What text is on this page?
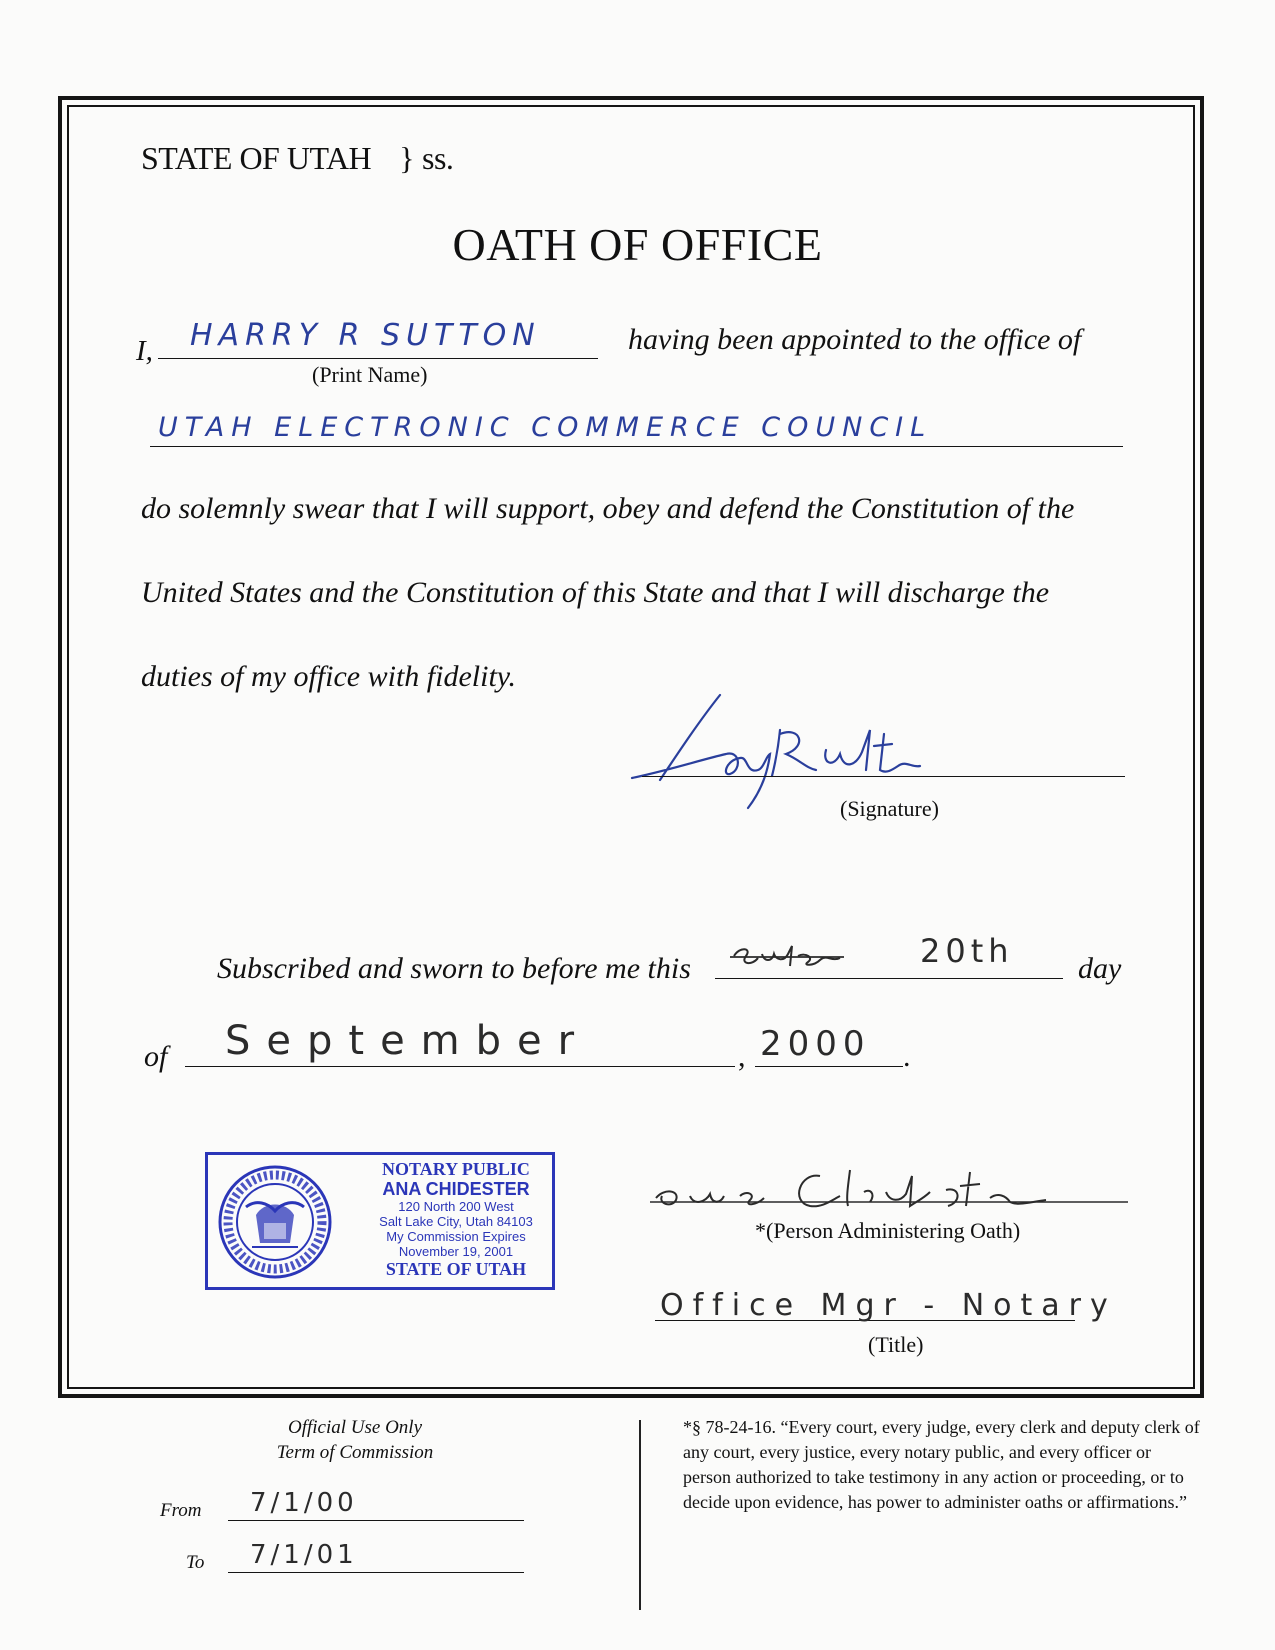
STATE OF UTAH } ss.
OATH OF OFFICE
I, HARRY R SUTTON
(Print Name)
having been appointed to the office of
UTAH ELECTRONIC COMMERCE COUNCIL
do solemnly swear that I will support, obey and defend the Constitution of the
United States and the Constitution of this State and that I will discharge the
duties of my office with fidelity.
(Signature)
Subscribed and sworn to before me this	20th day
of September	, 2000 .
NOTARY PUBLIC
ANA CHIDESTER
120 North 200 West
Salt Lake City, Utah 84103
My Commission Expires
November 19, 2001
STATE OF UTAH
*(Person Administering Oath)
Office Mgr - Notary
(Title)
Official Use Only
Term of Commission
From 7/1/00
To 7/1/01
*§ 78-24-16. “Every court, every judge, every clerk and deputy clerk of any court, every justice, every notary public, and every officer or person authorized to take testimony in any action or proceeding, or to decide upon evidence, has power to administer oaths or affirmations.”
